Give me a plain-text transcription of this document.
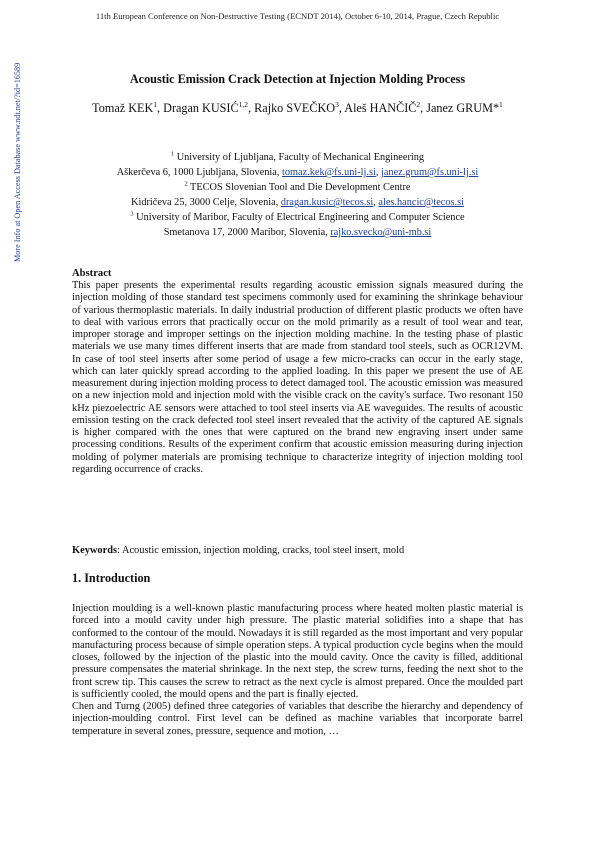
11th European Conference on Non-Destructive Testing (ECNDT 2014), October 6-10, 2014, Prague, Czech Republic
More Info at Open Access Database www.ndt.net/?id=16589	Acoustic Emission Crack Detection at Injection Molding Process
Tomaž KEK$^1$, Dragan KUSIĆ$^{1,2}$, Rajko SVEČKO$^3$, Aleš HANČIČ$^2$, Janez GRUM*$^1$
$^1$ University of Ljubljana, Faculty of Mechanical Engineering
Aškerčeva 6, 1000 Ljubljana, Slovenia, tomaz.kek@fs.uni-lj.si, janez.grum@fs.uni-lj.si
$^2$ TECOS Slovenian Tool and Die Development Centre
Kidričeva 25, 3000 Celje, Slovenia, dragan.kusic@tecos.si, ales.hancic@tecos.si
$^3$ University of Maribor, Faculty of Electrical Engineering and Computer Science
Smetanova 17, 2000 Maribor, Slovenia, rajko.svecko@uni-mb.si
Abstract
This paper presents the experimental results regarding acoustic emission signals measured during the injection molding of those standard test specimens commonly used for examining the shrinkage behaviour of various thermoplastic materials. In daily industrial production of different plastic products we often have to deal with various errors that practically occur on the mold primarily as a result of tool wear and tear, improper storage and improper settings on the injection molding machine. In the testing phase of plastic materials we use many times different inserts that are made from standard tool steels, such as OCR12VM. In case of tool steel inserts after some period of usage a few micro-cracks can occur in the early stage, which can later quickly spread according to the applied loading. In this paper we present the use of AE measurement during injection molding process to detect damaged tool. The acoustic emission was measured on a new injection mold and injection mold with the visible crack on the cavity's surface. Two resonant 150 kHz piezoelectric AE sensors were attached to tool steel inserts via AE waveguides. The results of acoustic emission testing on the crack defected tool steel insert revealed that the activity of the captured AE signals is higher compared with the ones that were captured on the brand new engraving insert under same processing conditions. Results of the experiment confirm that acoustic emission measuring during injection molding of polymer materials are promising technique to characterize integrity of injection molding tool regarding occurrence of cracks.
Keywords: Acoustic emission, injection molding, cracks, tool steel insert, mold
1. Introduction

Injection moulding is a well-known plastic manufacturing process where heated molten plastic material is forced into a mould cavity under high pressure. The plastic material solidifies into a shape that has conformed to the contour of the mould. Nowadays it is still regarded as the most important and very popular manufacturing process because of simple operation steps. A typical production cycle begins when the mould closes, followed by the injection of the plastic into the mould cavity. Once the cavity is filled, additional pressure compensates the material shrinkage. In the next step, the screw turns, feeding the next shot to the front screw tip. This causes the screw to retract as the next cycle is almost prepared. Once the moulded part is sufficiently cooled, the mould opens and the part is finally ejected.

Chen and Turng (2005) defined three categories of variables that describe the hierarchy and dependency of injection-moulding control. First level can be defined as machine variables that incorporate barrel temperature in several zones, pressure, sequence and motion, …
